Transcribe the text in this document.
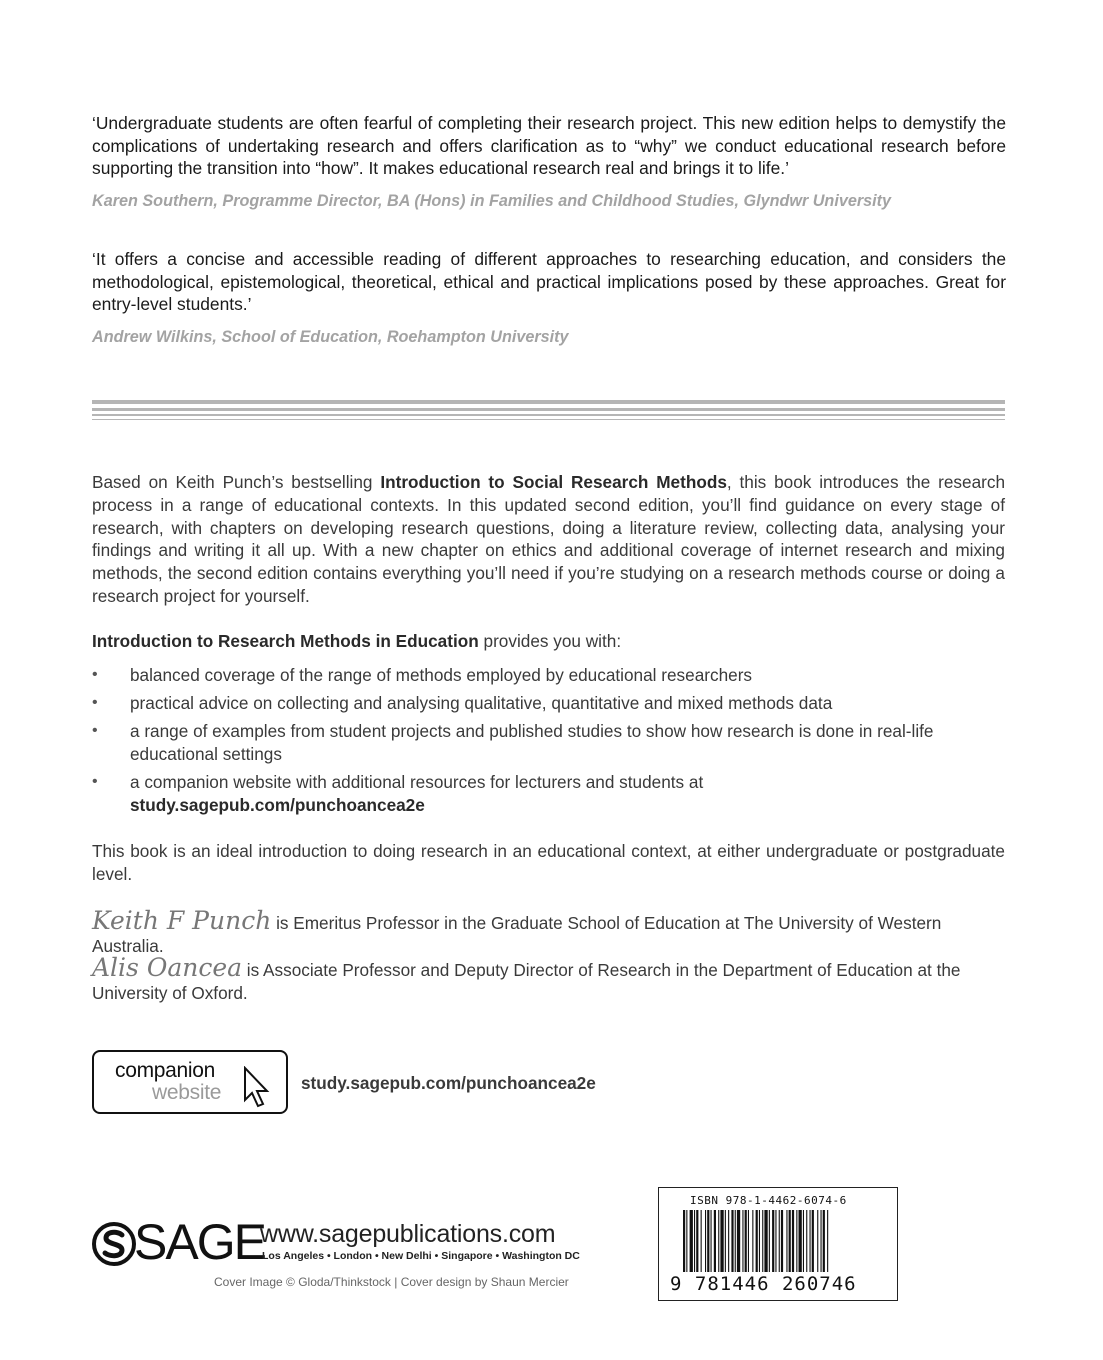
‘Undergraduate students are often fearful of completing their research project. This new edition helps to demystify the complications of undertaking research and offers clarification as to “why” we conduct educational research before supporting the transition into “how”. It makes educational research real and brings it to life.’
Karen Southern, Programme Director, BA (Hons) in Families and Childhood Studies, Glyndwr University
‘It offers a concise and accessible reading of different approaches to researching education, and considers the methodological, epistemological, theoretical, ethical and practical implications posed by these approaches. Great for entry-level students.’
Andrew Wilkins, School of Education, Roehampton University
Based on Keith Punch’s bestselling Introduction to Social Research Methods, this book introduces the research process in a range of educational contexts. In this updated second edition, you’ll find guidance on every stage of research, with chapters on developing research questions, doing a literature review, collecting data, analysing your findings and writing it all up. With a new chapter on ethics and additional coverage of internet research and mixing methods, the second edition contains everything you’ll need if you’re studying on a research methods course or doing a research project for yourself.
Introduction to Research Methods in Education provides you with:
• balanced coverage of the range of methods employed by educational researchers
• practical advice on collecting and analysing qualitative, quantitative and mixed methods data
• a range of examples from student projects and published studies to show how research is done in real-life educational settings
• a companion website with additional resources for lecturers and students at
study.sagepub.com/punchoancea2e
This book is an ideal introduction to doing research in an educational context, at either undergraduate or postgraduate level.
Keith F Punch is Emeritus Professor in the Graduate School of Education at The University of Western Australia.
Alis Oancea is Associate Professor and Deputy Director of Research in the Department of Education at the University of Oxford.
companion
website	study.sagepub.com/punchoancea2e
SAGE
www.sagepublications.com
Los Angeles • London • New Delhi • Singapore • Washington DC
Cover Image © Gloda/Thinkstock | Cover design by Shaun Mercier
ISBN 978-1-4462-6074-6
9 781446 260746
